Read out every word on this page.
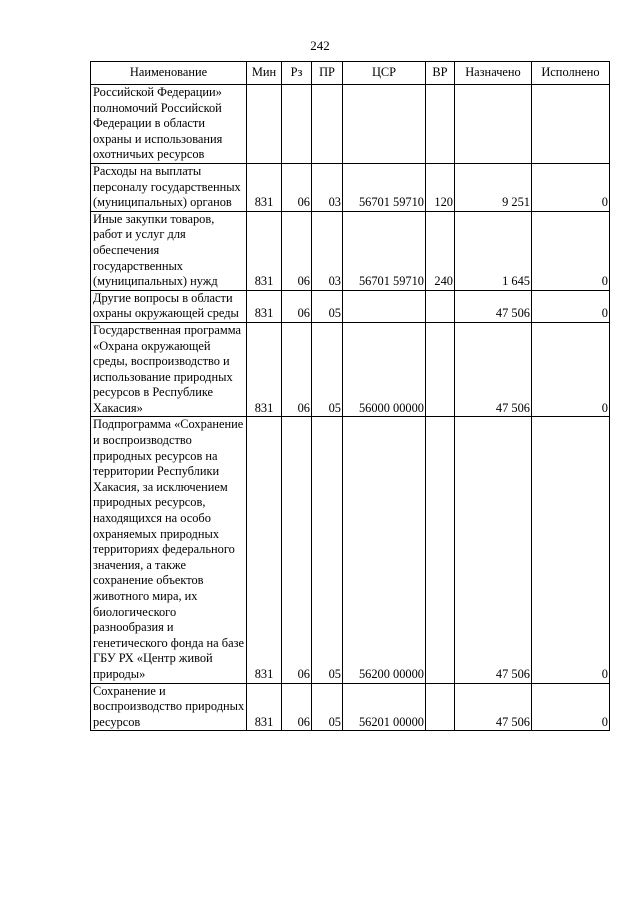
242
Наименование	Мин	Рз	ПР	ЦСР	ВР	Назначено	Исполнено
Российской Федерации» полномочий Российской Федерации в области охраны и использования охотничьих ресурсов							
Расходы на выплаты персоналу государственных (муниципальных) органов	831	06	03	56701 59710	120	9 251	0
Иные закупки товаров, работ и услуг для обеспечения государственных (муниципальных) нужд	831	06	03	56701 59710	240	1 645	0
Другие вопросы в области охраны окружающей среды	831	06	05			47 506	0
Государственная программа «Охрана окружающей среды, воспроизводство и использование природных ресурсов в Республике Хакасия»	831	06	05	56000 00000		47 506	0
Подпрограмма «Сохранение и воспроизводство природных ресурсов на территории Республики Хакасия, за исключением природных ресурсов, находящихся на особо охраняемых природных территориях федерального значения, а также сохранение объектов животного мира, их биологического разнообразия и генетического фонда на базе ГБУ РХ «Центр живой природы»	831	06	05	56200 00000		47 506	0
Сохранение и воспроизводство природных ресурсов	831	06	05	56201 00000		47 506	0
